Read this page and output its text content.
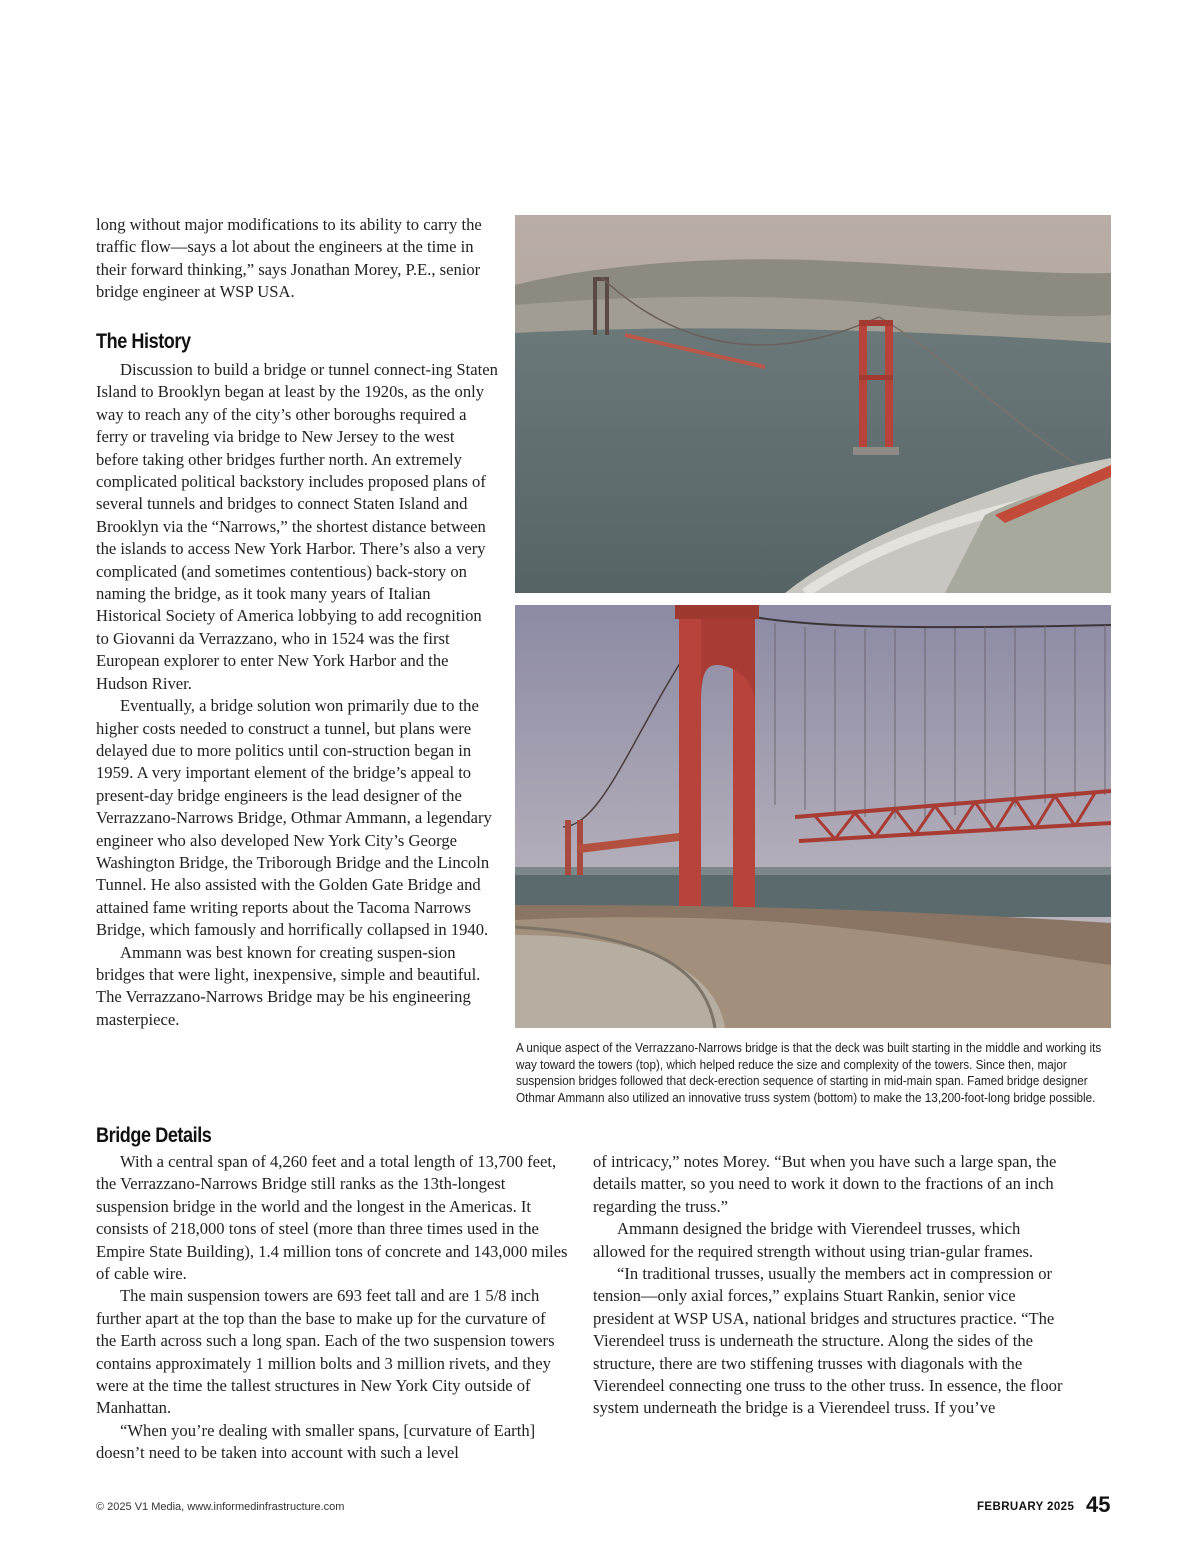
long without major modifications to its ability to carry the traffic flow—says a lot about the engineers at the time in their forward thinking,” says Jonathan Morey, P.E., senior bridge engineer at WSP USA.

The History

Discussion to build a bridge or tunnel connect-ing Staten Island to Brooklyn began at least by the 1920s, as the only way to reach any of the city’s other boroughs required a ferry or traveling via bridge to New Jersey to the west before taking other bridges further north. An extremely complicated political backstory includes proposed plans of several tunnels and bridges to connect Staten Island and Brooklyn via the “Narrows,” the shortest distance between the islands to access New York Harbor. There’s also a very complicated (and sometimes contentious) back-story on naming the bridge, as it took many years of Italian Historical Society of America lobbying to add recognition to Giovanni da Verrazzano, who in 1524 was the first European explorer to enter New York Harbor and the Hudson River.

Eventually, a bridge solution won primarily due to the higher costs needed to construct a tunnel, but plans were delayed due to more politics until con-struction began in 1959. A very important element of the bridge’s appeal to present-day bridge engineers is the lead designer of the Verrazzano-Narrows Bridge, Othmar Ammann, a legendary engineer who also developed New York City’s George Washington Bridge, the Triborough Bridge and the Lincoln Tunnel. He also assisted with the Golden Gate Bridge and attained fame writing reports about the Tacoma Narrows Bridge, which famously and horrifically collapsed in 1940.

Ammann was best known for creating suspen-sion bridges that were light, inexpensive, simple and beautiful. The Verrazzano-Narrows Bridge may be his engineering masterpiece.

A unique aspect of the Verrazzano-Narrows bridge is that the deck was built starting in the middle and working its way toward the towers (top), which helped reduce the size and complexity of the towers. Since then, major suspension bridges followed that deck-erection sequence of starting in mid-main span. Famed bridge designer Othmar Ammann also utilized an innovative truss system (bottom) to make the 13,200-foot-long bridge possible.

Bridge Details

With a central span of 4,260 feet and a total length of 13,700 feet, the Verrazzano-Narrows Bridge still ranks as the 13th-longest suspension bridge in the world and the longest in the Americas. It consists of 218,000 tons of steel (more than three times used in the Empire State Building), 1.4 million tons of concrete and 143,000 miles of cable wire.

The main suspension towers are 693 feet tall and are 1 5/8 inch further apart at the top than the base to make up for the curvature of the Earth across such a long span. Each of the two suspension towers contains approximately 1 million bolts and 3 million rivets, and they were at the time the tallest structures in New York City outside of Manhattan.

“When you’re dealing with smaller spans, [curvature of Earth] doesn’t need to be taken into account with such a level

of intricacy,” notes Morey. “But when you have such a large span, the details matter, so you need to work it down to the fractions of an inch regarding the truss.”

Ammann designed the bridge with Vierendeel trusses, which allowed for the required strength without using trian-gular frames.

“In traditional trusses, usually the members act in compression or tension—only axial forces,” explains Stuart Rankin, senior vice president at WSP USA, national bridges and structures practice. “The Vierendeel truss is underneath the structure. Along the sides of the structure, there are two stiffening trusses with diagonals with the Vierendeel connecting one truss to the other truss. In essence, the floor system underneath the bridge is a Vierendeel truss. If you’ve

© 2025 V1 Media, www.informedinfrastructure.com	FEBRUARY 2025 45
